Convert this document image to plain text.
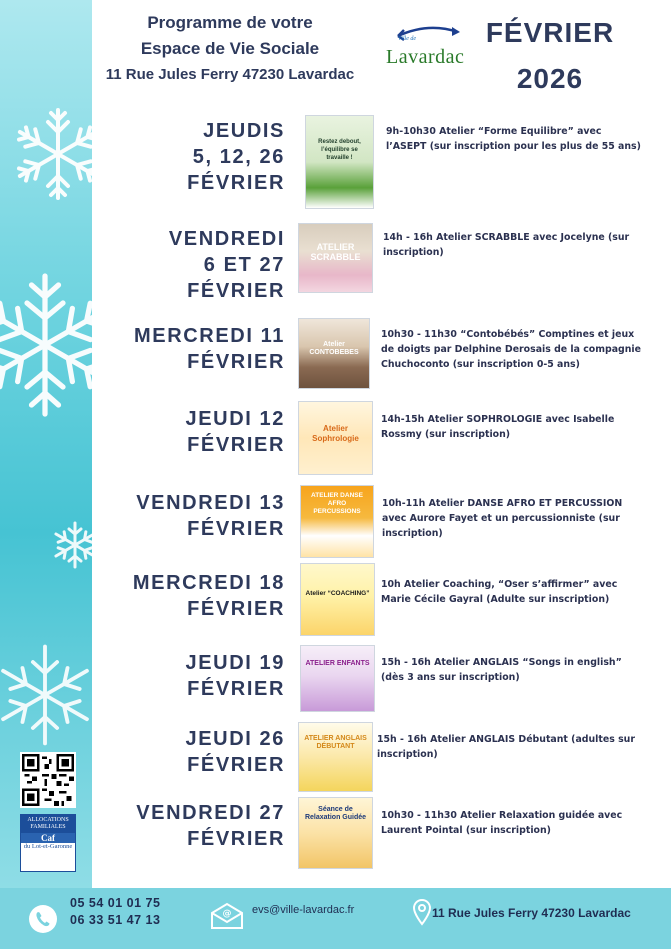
ALLOCATIONS FAMILIALES
Caf
du Lot-et-Garonne
Programme de votre
Espace de Vie Sociale
11 Rue Jules Ferry 47230 Lavardac
Ville de
Lavardac
FÉVRIER
2026
JEUDIS
5, 12, 26
FÉVRIER
Restez debout, l’équilibre se travaille !
9h-10h30 Atelier “Forme Equilibre” avec l’ASEPT (sur inscription pour les plus de 55 ans)
VENDREDI
6 ET 27
FÉVRIER
ATELIER SCRABBLE
14h - 16h Atelier SCRABBLE avec Jocelyne (sur inscription)
MERCREDI 11
FÉVRIER
Atelier CONTOBEBES
10h30 - 11h30 “Contobébés” Comptines et jeux de doigts par Delphine Derosais de la compagnie Chuchoconto (sur inscription 0-5 ans)
JEUDI 12
FÉVRIER
Atelier Sophrologie
14h-15h Atelier SOPHROLOGIE avec Isabelle Rossmy (sur inscription)
VENDREDI 13
FÉVRIER
ATELIER DANSE AFRO PERCUSSIONS
10h-11h Atelier DANSE AFRO ET PERCUSSION avec Aurore Fayet et un percussionniste (sur inscription)
MERCREDI 18
FÉVRIER
Atelier “COACHING”
10h Atelier Coaching, “Oser s’affirmer” avec Marie Cécile Gayral (Adulte sur inscription)
JEUDI 19
FÉVRIER
ATELIER ENFANTS 15h - 16h Atelier ANGLAIS “Songs in english” (dès 3 ans sur inscription)
JEUDI 26
FÉVRIER
ATELIER ANGLAIS DÉBUTANT
15h - 16h Atelier ANGLAIS Débutant (adultes sur inscription)
VENDREDI 27
FÉVRIER
Séance de Relaxation Guidée 10h30 - 11h30 Atelier Relaxation guidée avec Laurent Pointal (sur inscription)
05 54 01 01 75
06 33 51 47 13	@ evs@ville-lavardac.fr	11 Rue Jules Ferry 47230 Lavardac
